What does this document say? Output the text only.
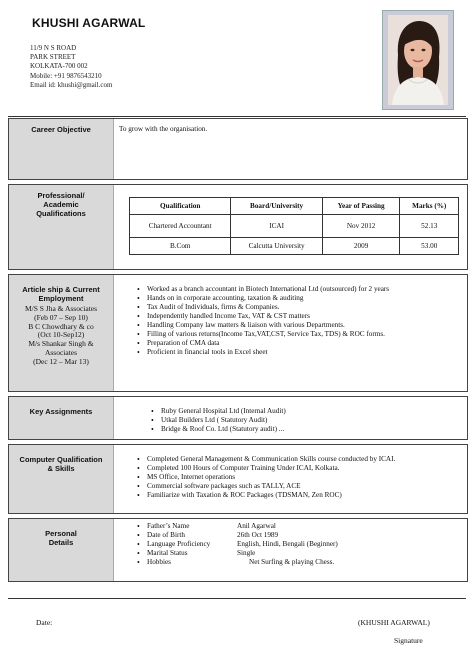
KHUSHI AGARWAL
11/9 N S ROAD
PARK STREET
KOLKATA-700 002
Mobile: +91 9876543210
Email id: khushi@gmail.com
Career Objective	To grow with the organisation.
Professional/ Academic Qualifications
Qualification	Board/University	Year of Passing	Marks (%)
Chartered Accountant	ICAI	Nov 2012	52.13
B.Com	Calcutta University	2009	53.00
Article ship & Current Employment
M/S S Jha & Associates
(Feb 07 – Sep 10)
B C Chowdhary & co
(Oct 10-Sep12)
M/s Shankar Singh &
Associates
(Dec 12 – Mar 13)
• Worked as a branch accountant in Biotech International Ltd (outsourced) for 2 years
• Hands on in corporate accounting, taxation & auditing
• Tax Audit of Individuals, firms & Companies.
• Independently handled Income Tax, VAT & CST matters
• Handling Company law matters & liaison with various Departments.
• Filling of various returns(Income Tax,VAT,CST, Service Tax, TDS) & ROC forms.
• Preparation of CMA data
• Proficient in financial tools in Excel sheet
Key Assignments	• Ruby General Hospital Ltd (Internal Audit)
• Utkal Builders Ltd ( Statutory Audit)
• Bridge & Roof Co. Ltd (Statutory audit) ...
Computer Qualification & Skills
• Completed General Management & Communication Skills course conducted by ICAI.
• Completed 100 Hours of Computer Training Under ICAI, Kolkata.
• MS Office, Internet operations
• Commercial software packages such as TALLY, ACE
• Familiarize with Taxation & ROC Packages (TDSMAN, Zen ROC)
Personal Details
• Father’s Name	Anil Agarwal
• Date of Birth	26th Oct 1989
• Language Proficiency	English, Hindi, Bengali (Beginner)
• Marital Status	Single
• Hobbies	Net Surfing & playing Chess.
Date:	(KHUSHI AGARWAL)
Signature
